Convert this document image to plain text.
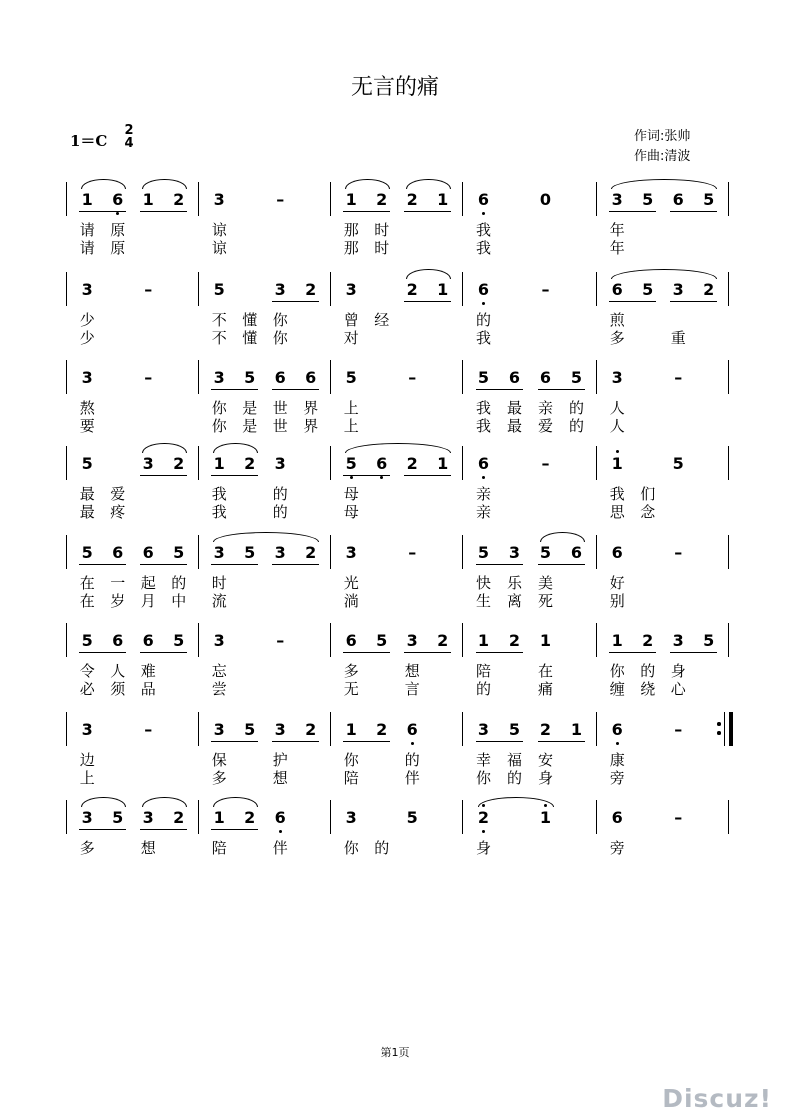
无言的痛
1＝C
2
4	作词:张帅
作曲:清波
1 6 1 2
请	原
请	原
3	–
谅
谅
1 2 2 1
那	时
那	时
6	0
我
我
3 5 6 5
年
年
3	–
少
少
5	3 2
不	懂	你
不	懂	你
3	2 1
曾	经
对
6	–
的
我
6 5 3 2
煎
多	重
3	–
熬
要
3 5 6 6
你	是	世	界
你	是	世	界
5	–
上
上
5 6 6 5
我	最	亲	的
我	最	爱	的
3	–
人
人
5	3 2
最	爱
最	疼
1 2 3
我	的
我	的
5 6 2 1
母
母
6	–
亲
亲
1	5
我	们
思	念
5 6 6 5
在	一	起	的
在	岁	月	中
3 5 3 2
时
流
3	–
光
淌
5 3 5 6
快	乐	美
生	离	死
6	–
好
别
5 6 6 5
令	人	难
必	须	品
3	–
忘
尝
6 5 3 2
多	想
无	言
1 2 1
陪	在
的	痛
1 2 3 5
你	的	身
缠	绕	心
3	–
边
上
3 5 3 2
保	护
多	想
1 2 6
你	的
陪	伴
3 5 2 1
幸	福	安
你	的	身
6	–
康
旁
3 5 3 2
多	想
1 2 6
陪	伴
3	5
你	的
2	1
身
6	–
旁
第1页
Discuz!
